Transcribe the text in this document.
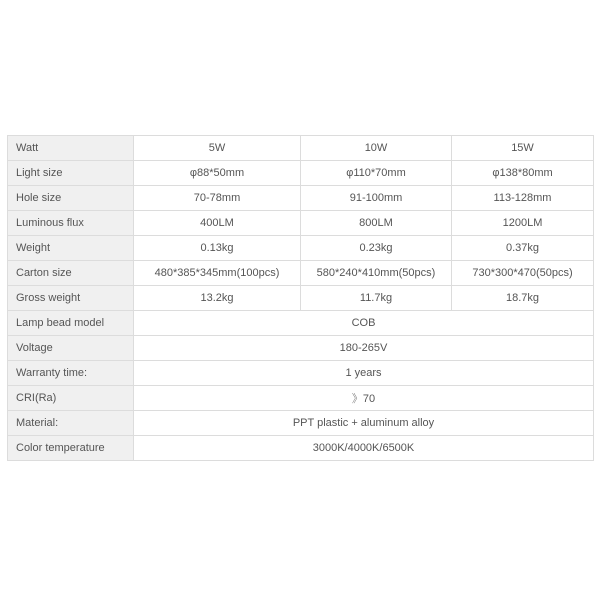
Watt	5W	10W	15W
Light size	φ88*50mm	φ110*70mm	φ138*80mm
Hole size	70-78mm	91-100mm	113-128mm
Luminous flux	400LM	800LM	1200LM
Weight	0.13kg	0.23kg	0.37kg
Carton size	480*385*345mm(100pcs)	580*240*410mm(50pcs)	730*300*470(50pcs)
Gross weight	13.2kg	11.7kg	18.7kg
Lamp bead model	COB		
Voltage	180-265V		
Warranty time:	1 years		
CRI(Ra)	》70		
Material:	PPT plastic + aluminum alloy		
Color temperature	3000K/4000K/6500K		
